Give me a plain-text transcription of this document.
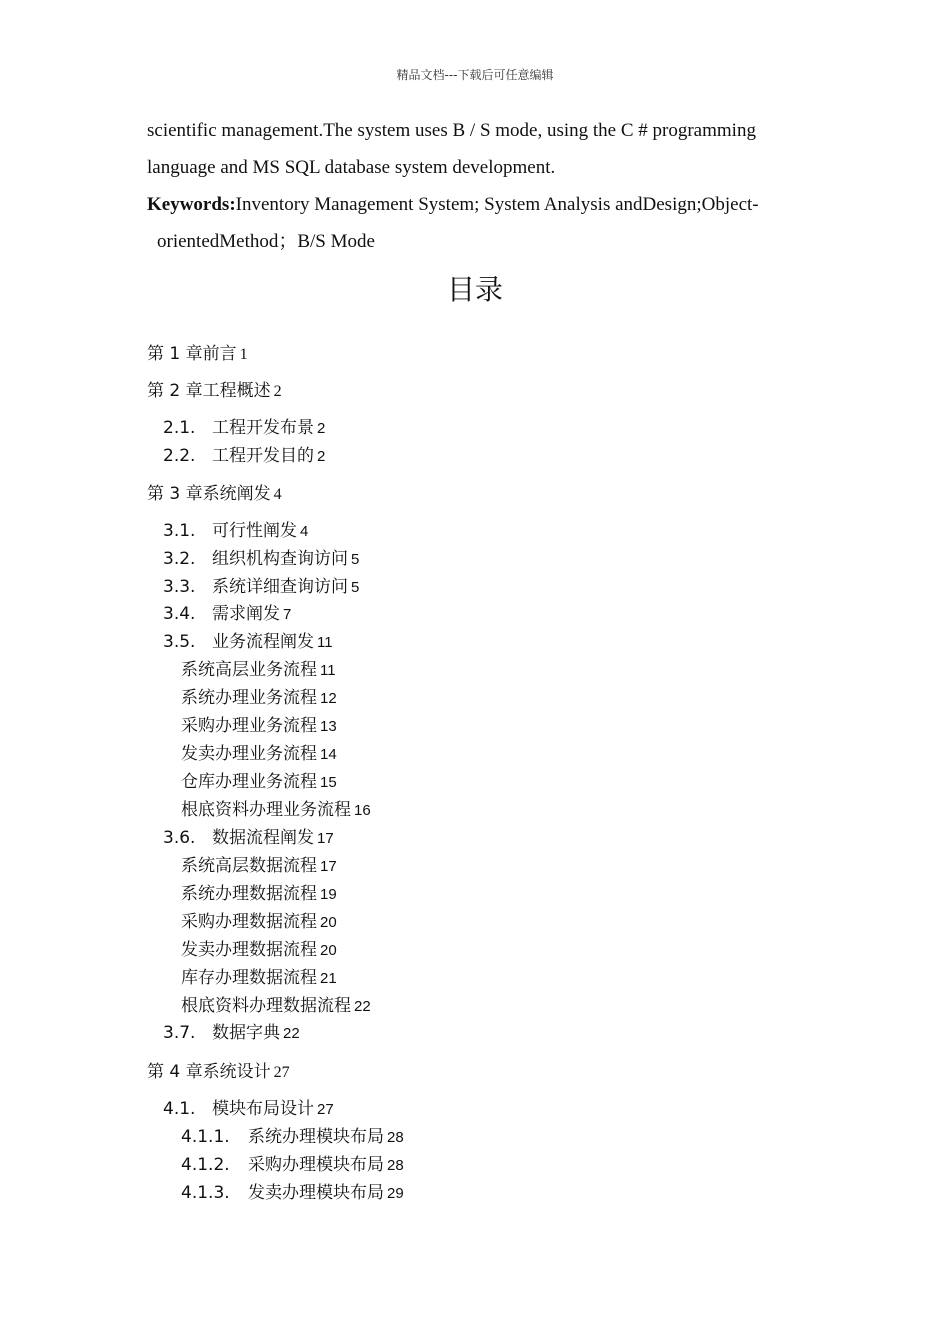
精品文档---下载后可任意编辑
scientific management.The system uses B / S mode, using the C # programming
language and MS SQL database system development.
Keywords:Inventory Management System; System Analysis andDesign;Object-
orientedMethod；B/S Mode
目录
第 1 章前言 1
第 2 章工程概述 2
2.1. 工程开发布景 2
2.2. 工程开发目的 2
第 3 章系统阐发 4
3.1. 可行性阐发 4
3.2. 组织机构查询访问 5
3.3. 系统详细查询访问 5
3.4. 需求阐发 7
3.5. 业务流程阐发 11
系统高层业务流程 11
系统办理业务流程 12
采购办理业务流程 13
发卖办理业务流程 14
仓库办理业务流程 15
根底资料办理业务流程 16
3.6. 数据流程阐发 17
系统高层数据流程 17
系统办理数据流程 19
采购办理数据流程 20
发卖办理数据流程 20
库存办理数据流程 21
根底资料办理数据流程 22
3.7. 数据字典 22
第 4 章系统设计 27
4.1. 模块布局设计 27
4.1.1. 系统办理模块布局 28
4.1.2. 采购办理模块布局 28
4.1.3. 发卖办理模块布局 29
